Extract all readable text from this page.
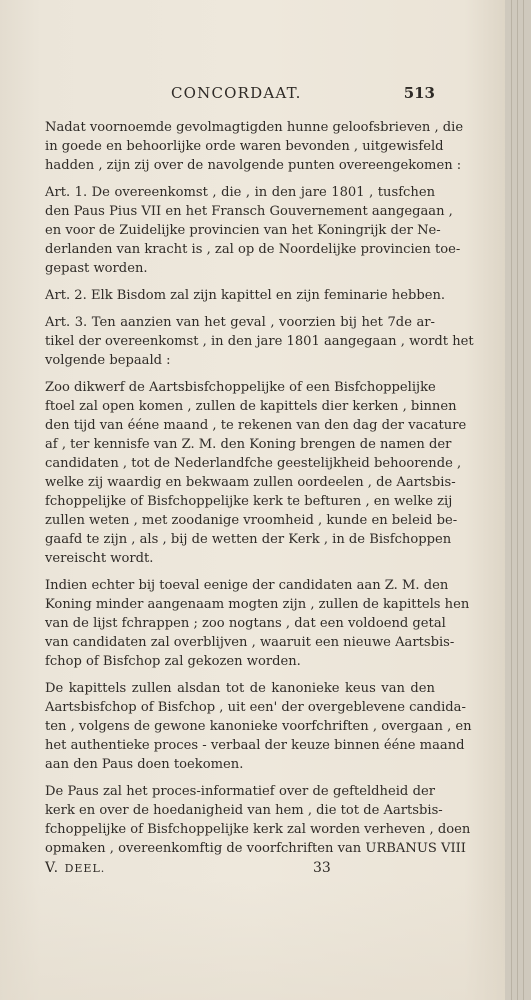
CONCORDAAT.	513
Nadat voornoemde gevolmagtigden hunne geloofsbrieven , die
in goede en behoorlijke orde waren bevonden , uitgewisfeld
hadden , zijn zij over de navolgende punten overeengekomen :
Art. 1. De overeenkomst , die , in den jare 1801 , tusfchen
den Paus Pius VII en het Fransch Gouvernement aangegaan ,
en voor de Zuidelijke provincien van het Koningrijk der Ne-
derlanden van kracht is , zal op de Noordelijke provincien toe-
gepast worden.
Art. 2. Elk Bisdom zal zijn kapittel en zijn feminarie hebben.
Art. 3. Ten aanzien van het geval , voorzien bij het 7de ar-
tikel der overeenkomst , in den jare 1801 aangegaan , wordt het
volgende bepaald :
Zoo dikwerf de Aartsbisfchoppelijke of een Bisfchoppelijke
ftoel zal open komen , zullen de kapittels dier kerken , binnen
den tijd van éénе maand , te rekenen van den dag der vacature
af , ter kennisfe van Z. M. den Koning brengen de namen der
candidaten , tot de Nederlandfche geestelijkheid behoorende ,
welke zij waardig en bekwaam zullen oordeelen , de Aartsbis-
fchoppelijke of Bisfchoppelijke kerk te befturen , en welke zij
zullen weten , met zoodanige vroomheid , kunde en beleid be-
gaafd te zijn , als , bij de wetten der Kerk , in de Bisfchoppen
vereischt wordt.
Indien echter bij toeval eenige der candidaten aan Z. M. den
Koning minder aangenaam mogten zijn , zullen de kapittels hen
van de lijst fchrappen ; zoo nogtans , dat een voldoend getal
van candidaten zal overblijven , waaruit een nieuwe Aartsbis-
fchop of Bisfchop zal gekozen worden.
De kapittels zullen alsdan tot de kanonieke keus van den
Aartsbisfchop of Bisfchop , uit een' der overgeblevene candida-
ten , volgens de gewone kanonieke voorfchriften , overgaan , en
het authentieke proces - verbaal der keuze binnen ééne maand
aan den Paus doen toekomen.
De Paus zal het proces-informatief over de gefteldheid der
kerk en over de hoedanigheid van hem , die tot de Aartsbis-
fchoppelijke of Bisfchoppelijke kerk zal worden verheven , doen
opmaken , overeenkomftig de voorfchriften van URBANUS VIII
V. DEEL.	33
